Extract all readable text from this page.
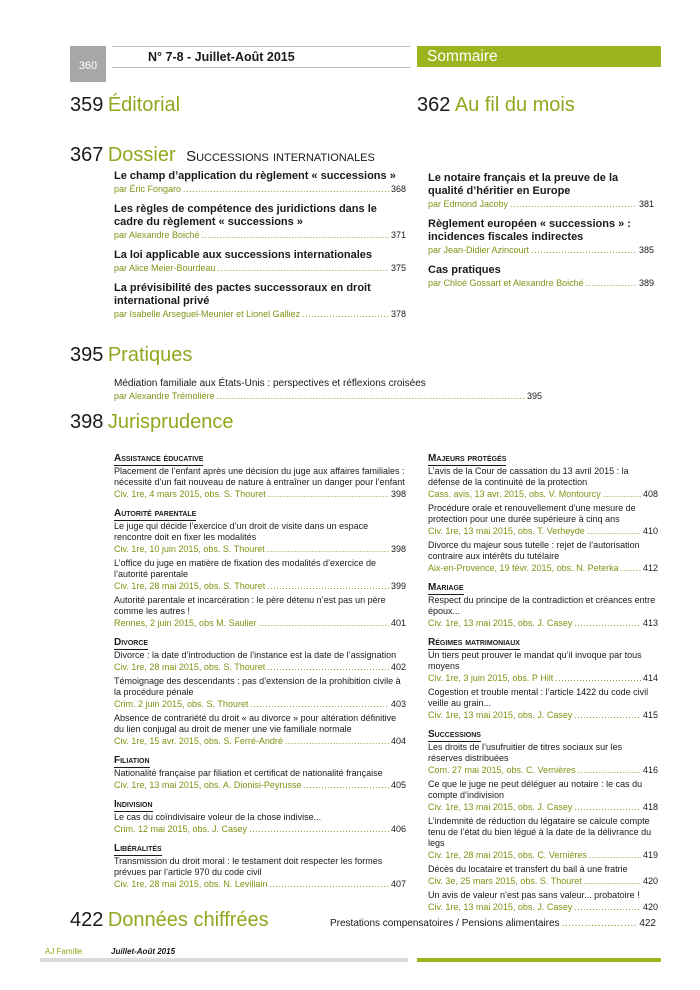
360
N° 7-8 - Juillet-Août 2015	Sommaire
359 Éditorial	362 Au fil du mois
367 Dossier Successions internationales
Le champ d’application du règlement « successions »
par Éric Fongaro .....	368
Les règles de compétence des juridictions dans le cadre du règlement « successions »
par Alexandre Boiché .....	371
La loi applicable aux successions internationales
par Alice Meier-Bourdeau .....	375
La prévisibilité des pactes successoraux en droit international privé
par Isabelle Arseguel-Meunier et Lionel Galliez .....	378
Le notaire français et la preuve de la qualité d’héritier en Europe
par Edmond Jacoby .....	381
Règlement européen « successions » : incidences fiscales indirectes
par Jean-Didier Azincourt .....	385
Cas pratiques
par Chloé Gossart et Alexandre Boiché .....	389
395 Pratiques
Médiation familiale aux États-Unis : perspectives et réflexions croisées
par Alexandre Trémolière .....	395
398 Jurisprudence
Assistance éducative
Placement de l’enfant après une décision du juge aux affaires familiales : nécessité d’un fait nouveau de nature à entraîner un danger pour l’enfant
Civ. 1re, 4 mars 2015, obs. S. Thouret .....	398
Autorité parentale
Le juge qui décide l’exercice d’un droit de visite dans un espace rencontre doit en fixer les modalités
Civ. 1re, 10 juin 2015, obs. S. Thouret .....	398
L’office du juge en matière de fixation des modalités d’exercice de l’autorité parentale
Civ. 1re, 28 mai 2015, obs. S. Thouret .....	399
Autorité parentale et incarcération : le père détenu n’est pas un père comme les autres !
Rennes, 2 juin 2015, obs M. Saulier .....	401
Divorce
Divorce : la date d’introduction de l’instance est la date de l’assignation
Civ. 1re, 28 mai 2015, obs. S. Thouret .....	402
Témoignage des descendants : pas d’extension de la prohibition civile à la procédure pénale
Crim. 2 juin 2015, obs. S. Thouret .....	403
Absence de contrariété du droit « au divorce » pour altération définitive du lien conjugal au droit de mener une vie familiale normale
Civ. 1re, 15 avr. 2015, obs. S. Ferré-André .....	404
Filiation
Nationalité française par filiation et certificat de nationalité française
Civ. 1re, 13 mai 2015, obs. A. Dionisi-Peyrusse .....	405
Indivision
Le cas du coïndivisaire voleur de la chose indivise...
Crim. 12 mai 2015, obs. J. Casey .....	406
Libéralités
Transmission du droit moral : le testament doit respecter les formes prévues par l’article 970 du code civil
Civ. 1re, 28 mai 2015, obs. N. Levillain .....	407
Majeurs protégés
L’avis de la Cour de cassation du 13 avril 2015 : la défense de la continuité de la protection
Cass. avis, 13 avr. 2015, obs. V. Montourcy .....	408
Procédure orale et renouvellement d’une mesure de protection pour une durée supérieure à cinq ans
Civ. 1re, 13 mai 2015, obs. T. Verheyde .....	410
Divorce du majeur sous tutelle : rejet de l’autorisation contraire aux intérêts du tutélaire
Aix-en-Provence, 19 févr. 2015, obs. N. Peterka .....	412
Mariage
Respect du principe de la contradiction et créances entre époux...
Civ. 1re, 13 mai 2015, obs. J. Casey .....	413
Régimes matrimoniaux
Un tiers peut prouver le mandat qu’il invoque par tous moyens
Civ. 1re, 3 juin 2015, obs. P Hilt .....	414
Cogestion et trouble mental : l’article 1422 du code civil veille au grain...
Civ. 1re, 13 mai 2015, obs. J. Casey .....	415
Successions
Les droits de l’usufruitier de titres sociaux sur les réserves distribuées
Com. 27 mai 2015, obs. C. Vernières .....	416
Ce que le juge ne peut déléguer au notaire : le cas du compte d’indivision
Civ. 1re, 13 mai 2015, obs. J. Casey .....	418
L’indemnité de réduction du légataire se calcule compte tenu de l’état du bien légué à la date de la délivrance du legs
Civ. 1re, 28 mai 2015, obs. C. Vernières .....	419
Décès du locataire et transfert du bail à une fratrie
Civ. 3e, 25 mars 2015, obs. S. Thouret .....	420
Un avis de valeur n’est pas sans valeur... probatoire !
Civ. 1re, 13 mai 2015, obs. J. Casey .....	420
422 Données chiffrées	Prestations compensatoires / Pensions alimentaires .....	422
AJ Famille	Juillet-Août 2015
